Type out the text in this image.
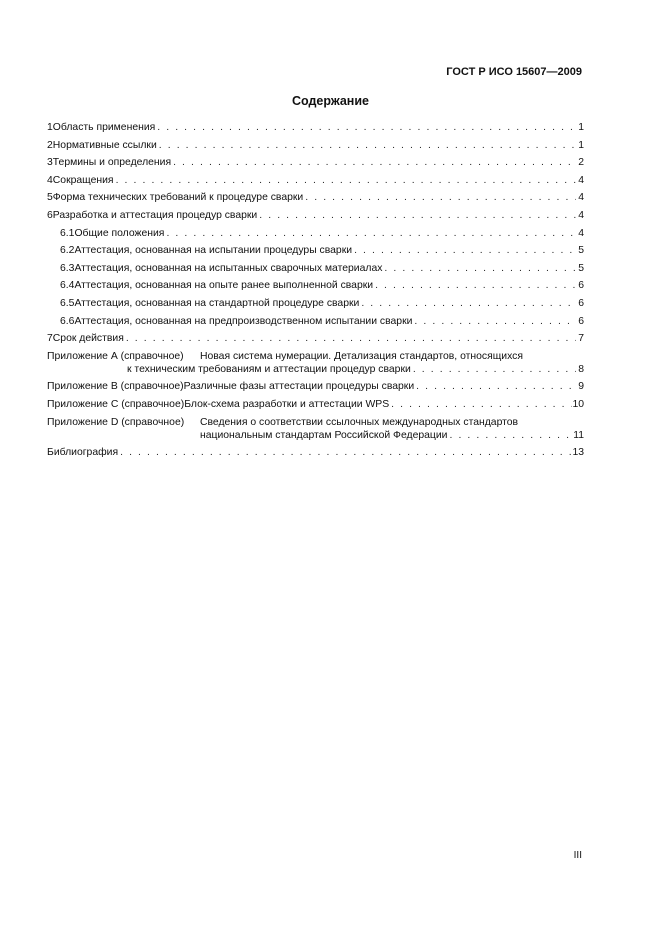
ГОСТ Р ИСО 15607—2009
Содержание
1 Область применения . . .	1
2 Нормативные ссылки . . .	1
3 Термины и определения . . .	2
4 Сокращения . . .	4
5 Форма технических требований к процедуре сварки . . .	4
6 Разработка и аттестация процедур сварки . . .	4
6.1 Общие положения . . .	4
6.2 Аттестация, основанная на испытании процедуры сварки . . .	5
6.3 Аттестация, основанная на испытанных сварочных материалах . . .	5
6.4 Аттестация, основанная на опыте ранее выполненной сварки . . .	6
6.5 Аттестация, основанная на стандартной процедуре сварки . . .	6
6.6 Аттестация, основанная на предпроизводственном испытании сварки . . .	6
7 Срок действия . . .	7
Приложение А (справочное) Новая система нумерации. Детализация стандартов, относящихся
к техническим требованиям и аттестации процедур сварки . . .	8
Приложение В (справочное) Различные фазы аттестации процедуры сварки . . .	9
Приложение С (справочное) Блок-схема разработки и аттестации WPS . . .	10
Приложение D (справочное) Сведения о соответствии ссылочных международных стандартов
национальным стандартам Российской Федерации . . .	11
Библиография . . .	13
III
